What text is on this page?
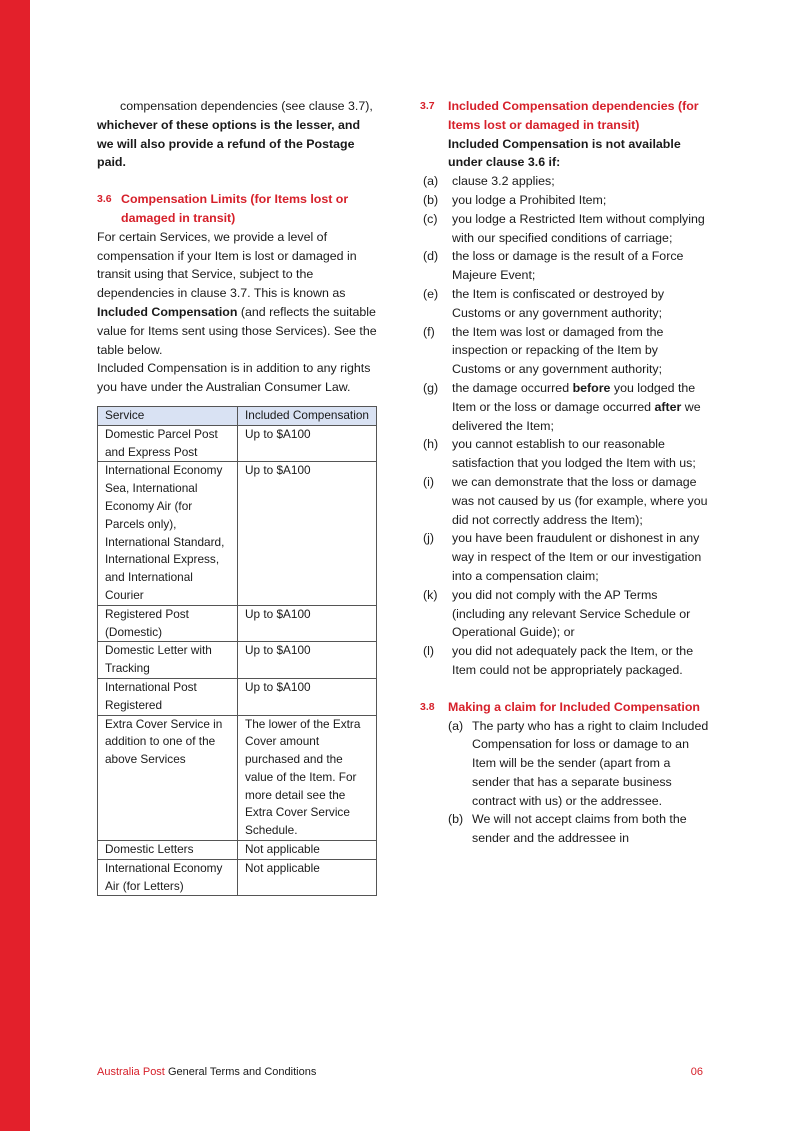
compensation dependencies (see clause 3.7),

whichever of these options is the lesser, and we will also provide a refund of the Postage paid.

3.6 Compensation Limits (for Items lost or damaged in transit)

For certain Services, we provide a level of compensation if your Item is lost or damaged in transit using that Service, subject to the dependencies in clause 3.7. This is known as Included Compensation (and reflects the suitable value for Items sent using those Services). See the table below.

Included Compensation is in addition to any rights you have under the Australian Consumer Law.

Service	Included Compensation
Domestic Parcel Post and Express Post	Up to $A100
International Economy Sea, International Economy Air (for Parcels only), International Standard, International Express, and International Courier	Up to $A100
Registered Post (Domestic)	Up to $A100
Domestic Letter with Tracking	Up to $A100
International Post Registered	Up to $A100
Extra Cover Service in addition to one of the above Services	The lower of the Extra Cover amount purchased and the value of the Item. For more detail see the Extra Cover Service Schedule.
Domestic Letters	Not applicable
International Economy Air (for Letters)	Not applicable
3.7	Included Compensation dependencies (for Items lost or damaged in transit)

Included Compensation is not available under clause 3.6 if:

(a)	clause 3.2 applies;
(b)	you lodge a Prohibited Item;
(c)	you lodge a Restricted Item without complying with our specified conditions of carriage;
(d)	the loss or damage is the result of a Force Majeure Event;
(e)	the Item is confiscated or destroyed by Customs or any government authority;
(f)	the Item was lost or damaged from the inspection or repacking of the Item by Customs or any government authority;
(g)	the damage occurred before you lodged the Item or the loss or damage occurred after we delivered the Item;
(h)	you cannot establish to our reasonable satisfaction that you lodged the Item with us;
(i)	we can demonstrate that the loss or damage was not caused by us (for example, where you did not correctly address the Item);
(j)	you have been fraudulent or dishonest in any way in respect of the Item or our investigation into a compensation claim;
(k)	you did not comply with the AP Terms (including any relevant Service Schedule or Operational Guide); or
(l)	you did not adequately pack the Item, or the Item could not be appropriately packaged.
3.8	Making a claim for Included Compensation
(a) The party who has a right to claim Included Compensation for loss or damage to an Item will be the sender (apart from a sender that has a separate business contract with us) or the addressee.
(b) We will not accept claims from both the sender and the addressee in
Australia Post General Terms and Conditions	06
